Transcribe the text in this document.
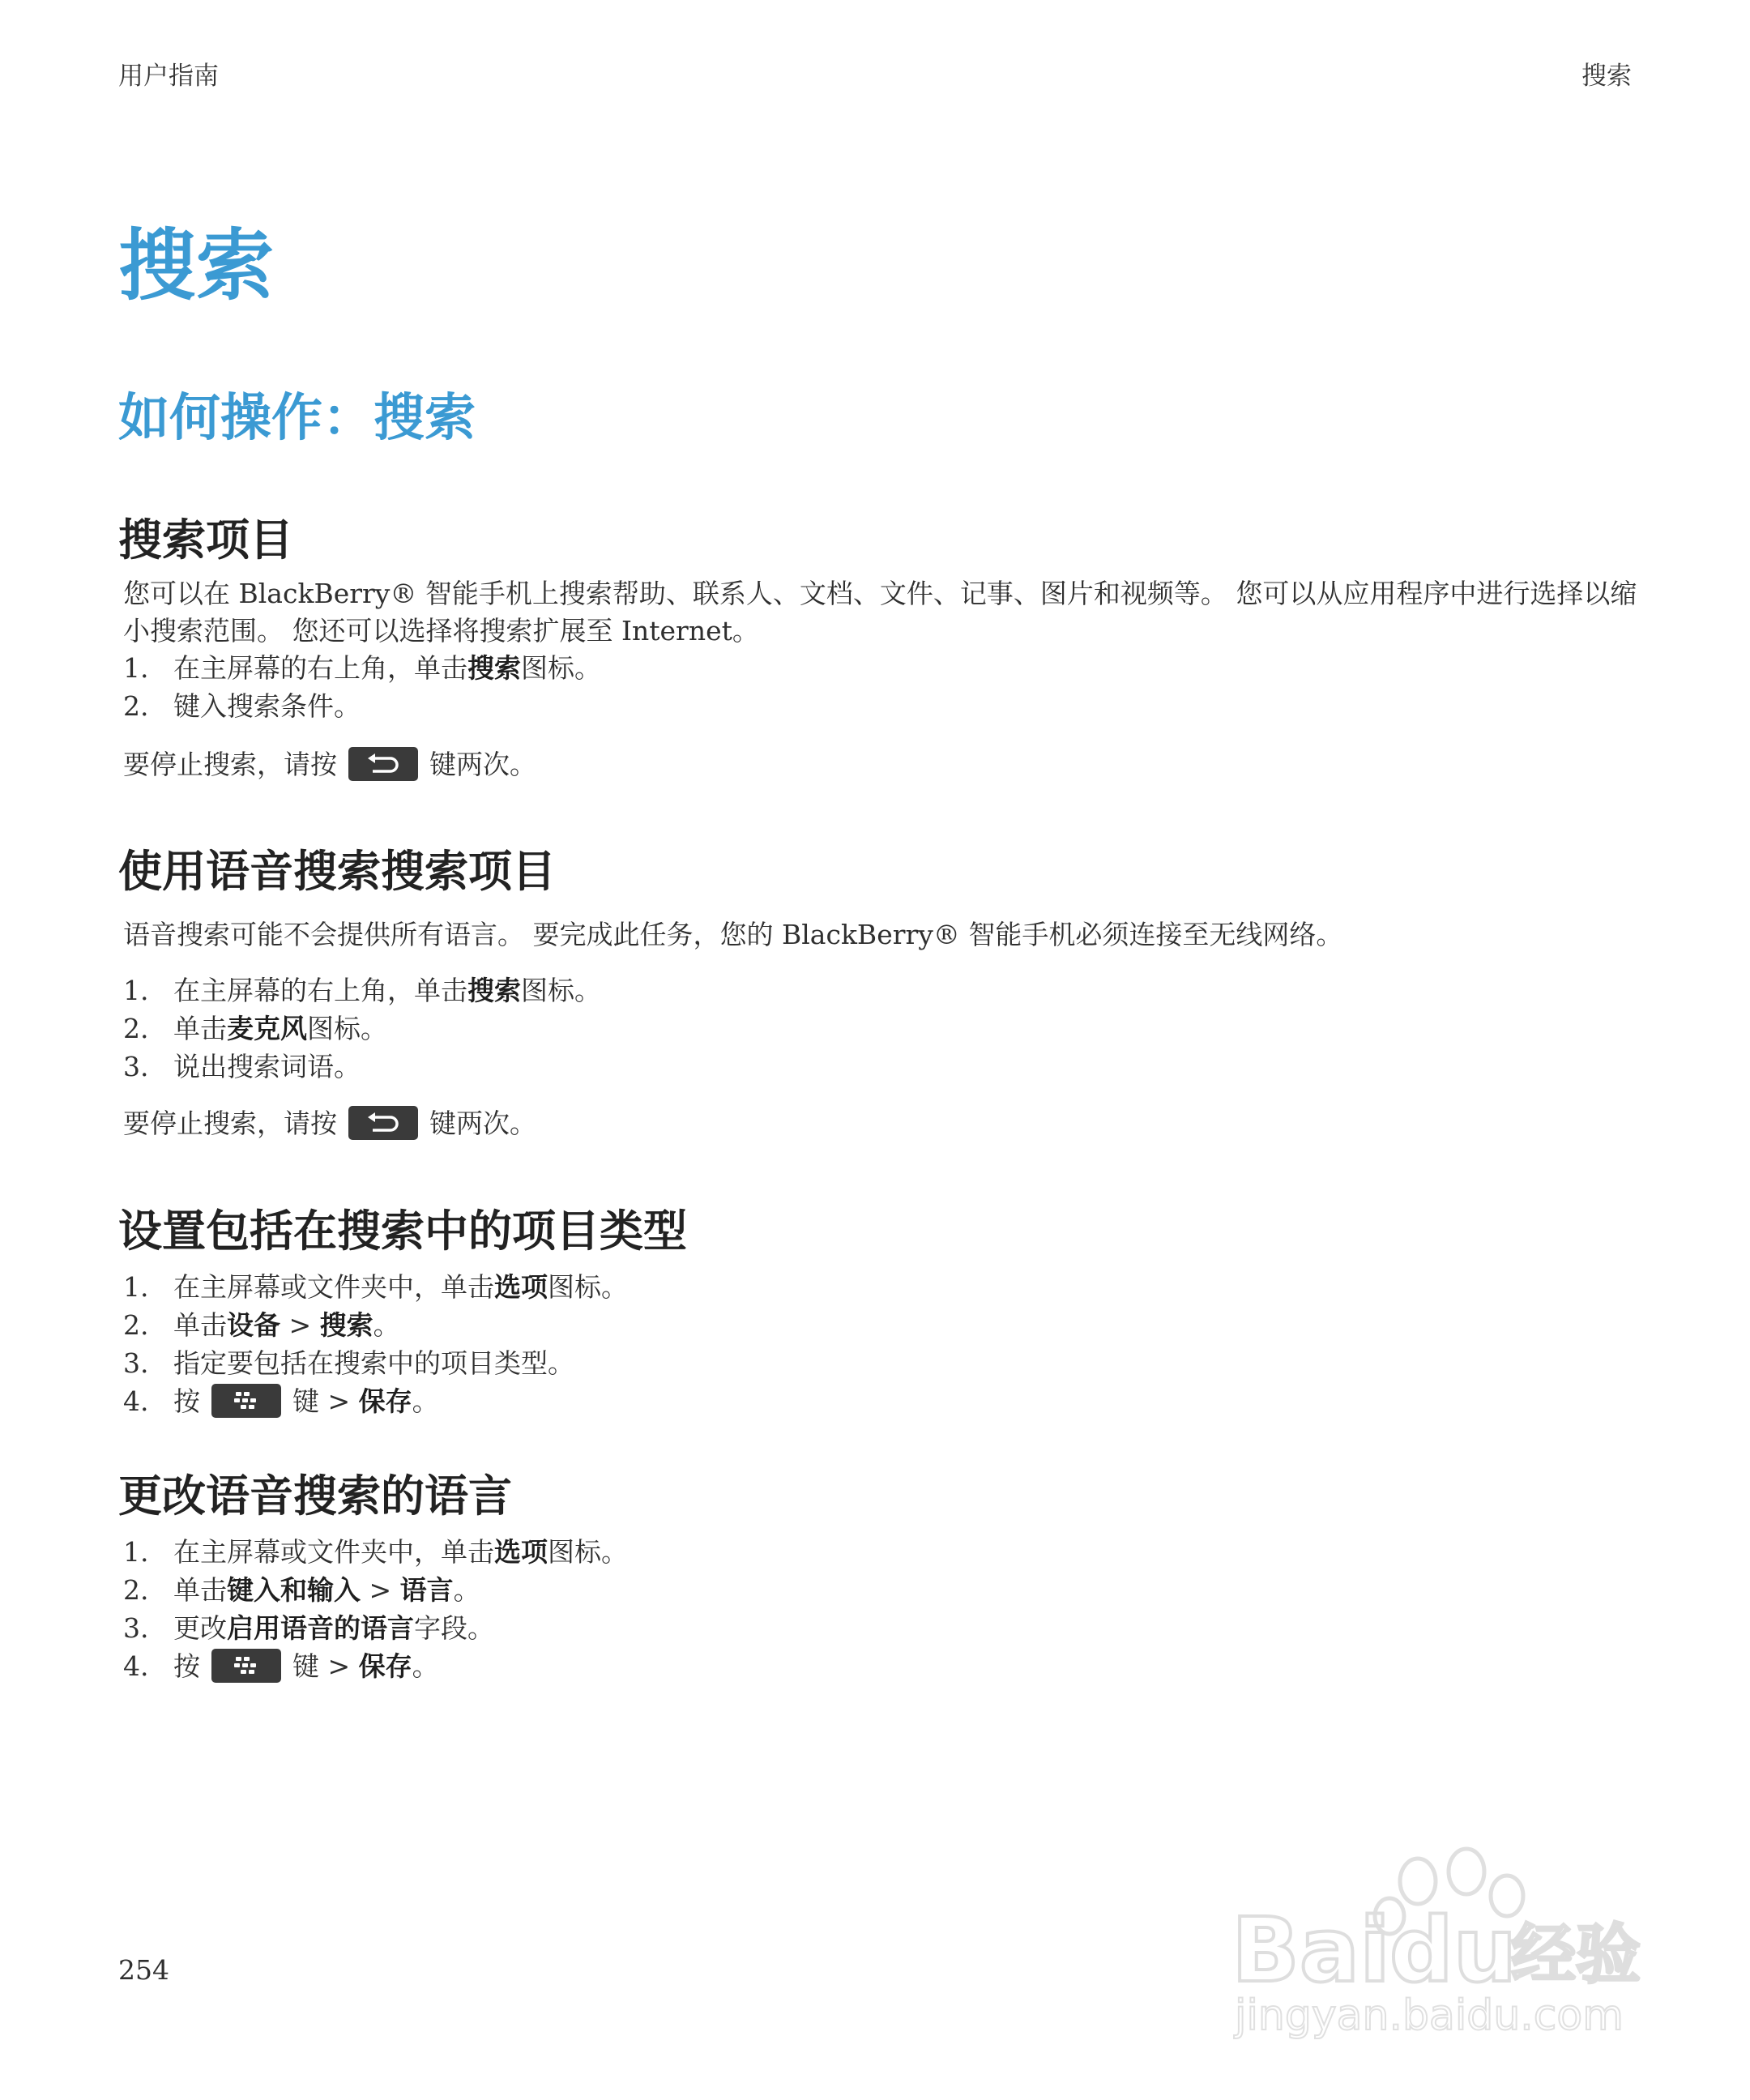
用户指南	搜索
搜索
如何操作：搜索
搜索项目
您可以在 BlackBerry® 智能手机上搜索帮助、联系人、文档、文件、记事、图片和视频等。 您可以从应用程序中进行选择以缩小搜索范围。 您还可以选择将搜索扩展至 Internet。
1. 在主屏幕的右上角，单击搜索图标。
2. 键入搜索条件。
要停止搜索，请按	键两次。
使用语音搜索搜索项目
语音搜索可能不会提供所有语言。 要完成此任务，您的 BlackBerry® 智能手机必须连接至无线网络。
1. 在主屏幕的右上角，单击搜索图标。
2. 单击麦克风图标。
3. 说出搜索词语。
要停止搜索，请按	键两次。
设置包括在搜索中的项目类型
1. 在主屏幕或文件夹中，单击选项图标。
2. 单击设备 > 搜索。
3. 指定要包括在搜索中的项目类型。
4. 按	键 > 保存。
更改语音搜索的语言
1. 在主屏幕或文件夹中，单击选项图标。
2. 单击键入和输入 > 语言。
3. 更改启用语音的语言字段。
4. 按	键 > 保存。
254	Bai du
经验
jingyan.baidu.com
